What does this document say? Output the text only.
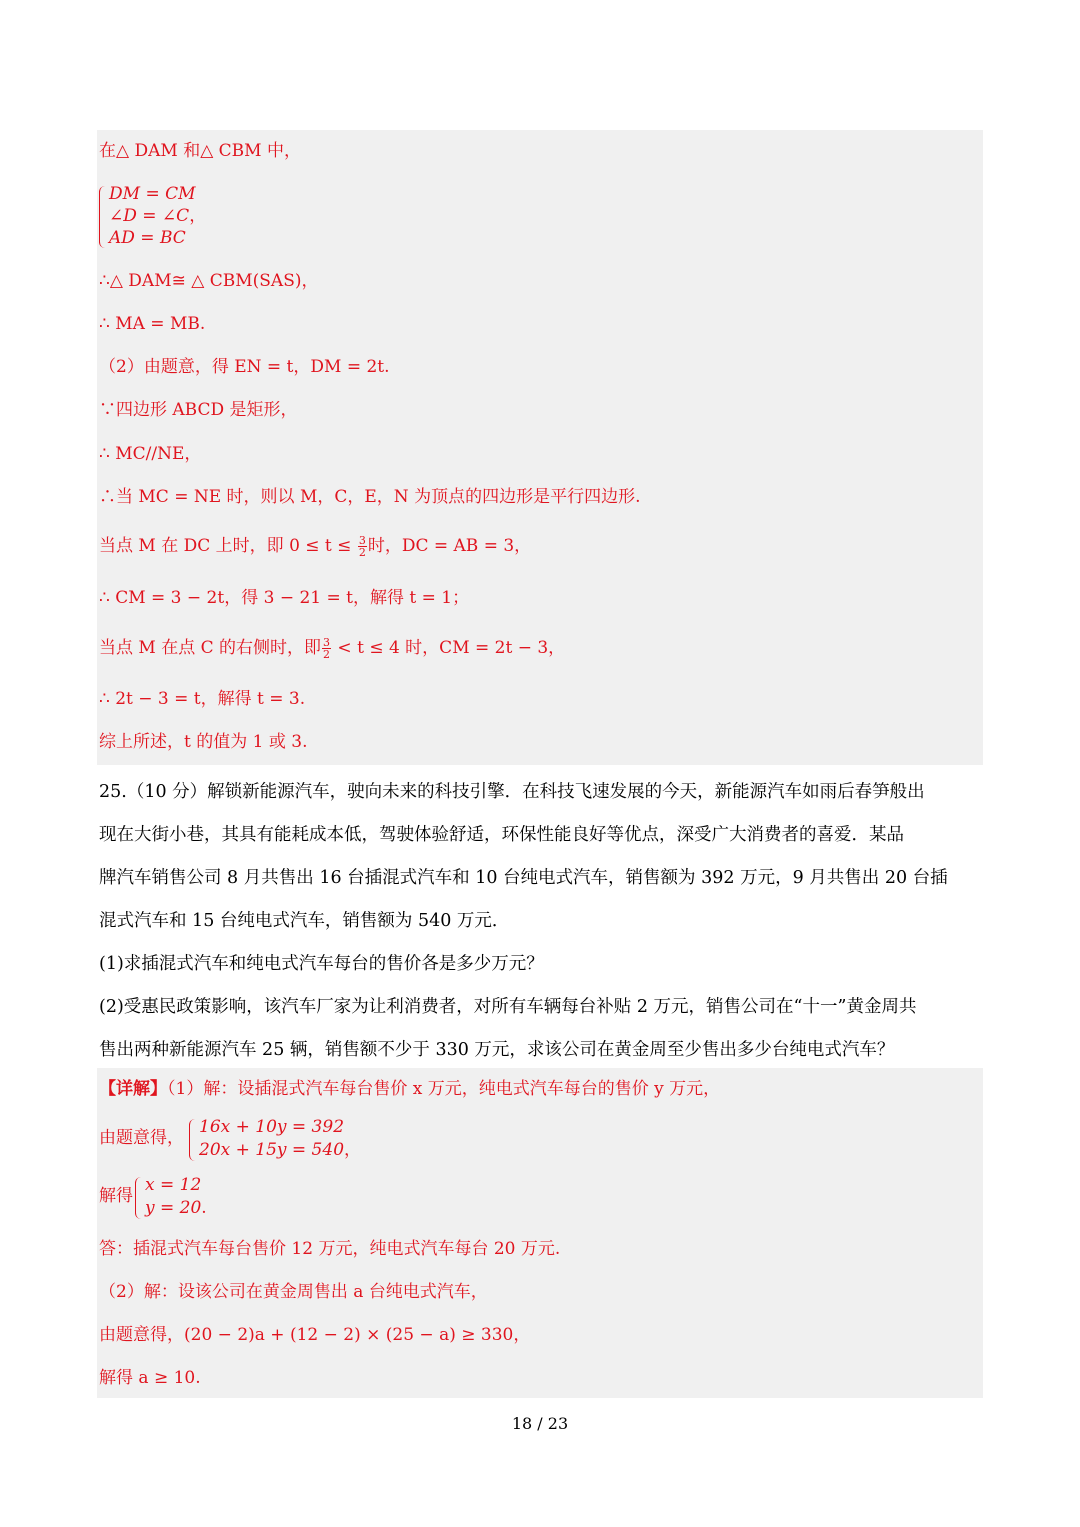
在△ DAM 和△ CBM 中，
DM = CM
∠D = ∠C，
AD = BC
∴△ DAM≅ △ CBM(SAS)，
∴ MA = MB.
（2）由题意，得 EN = t，DM = 2t.
∵四边形 ABCD 是矩形，
∴ MC//NE，
∴当 MC = NE 时，则以 M，C，E，N 为顶点的四边形是平行四边形.
当点 M 在 DC 上时，即 $0 \le t \le \frac{3}{2}$ 时，DC = AB = 3，
∴ CM = 3 − 2t，得 3 − 21 = t，解得 t = 1；
当点 M 在点 C 的右侧时，即 $\frac{3}{2} < t \le 4$ 时，CM = 2t − 3，
∴ 2t − 3 = t，解得 t = 3.
综上所述，t 的值为 1 或 3.
25.（10 分）解锁新能源汽车，驶向未来的科技引擎．在科技飞速发展的今天，新能源汽车如雨后春笋般出
现在大街小巷，其具有能耗成本低，驾驶体验舒适，环保性能良好等优点，深受广大消费者的喜爱．某品
牌汽车销售公司 8 月共售出 16 台插混式汽车和 10 台纯电式汽车，销售额为 392 万元，9 月共售出 20 台插
混式汽车和 15 台纯电式汽车，销售额为 540 万元．
(1)求插混式汽车和纯电式汽车每台的售价各是多少万元？
(2)受惠民政策影响，该汽车厂家为让利消费者，对所有车辆每台补贴 2 万元，销售公司在“十一”黄金周共
售出两种新能源汽车 25 辆，销售额不少于 330 万元，求该公司在黄金周至少售出多少台纯电式汽车？
【详解】（1）解：设插混式汽车每台售价 x 万元，纯电式汽车每台的售价 y 万元，
由题意得，
16x + 10y = 392
20x + 15y = 540，
解得
x = 12
y = 20.
答：插混式汽车每台售价 12 万元，纯电式汽车每台 20 万元.
（2）解：设该公司在黄金周售出 a 台纯电式汽车，
由题意得，(20 − 2)a + (12 − 2) × (25 − a) ≥ 330，
解得 a ≥ 10.
18 / 23
